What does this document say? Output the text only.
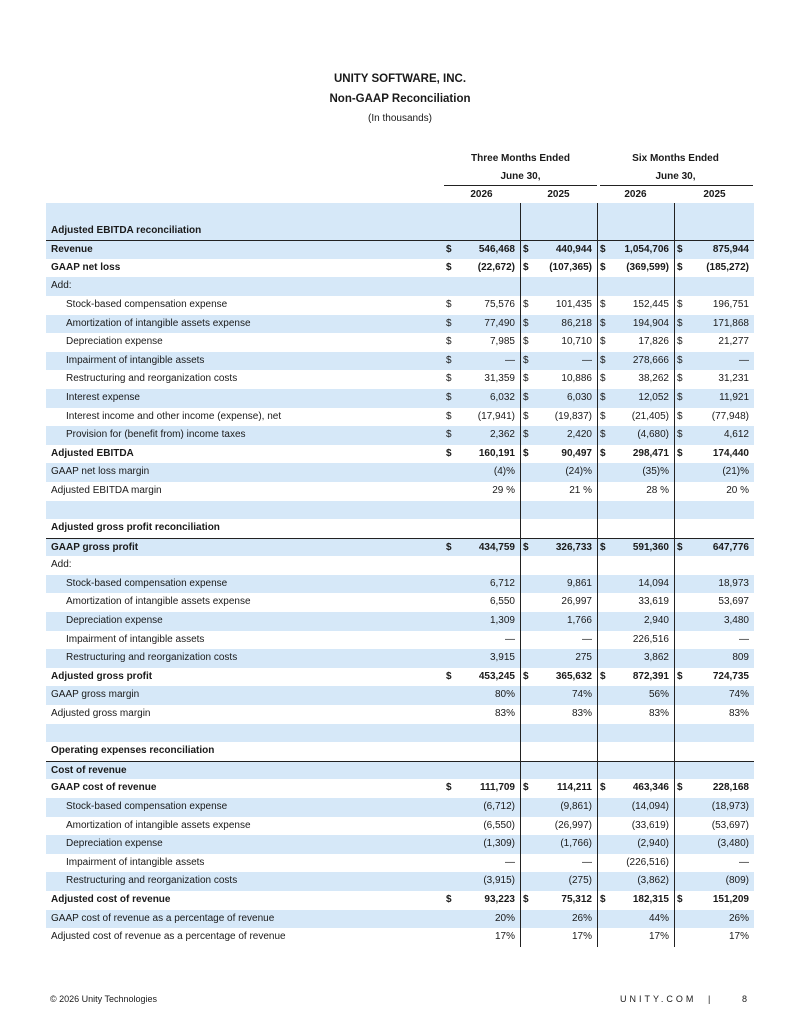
UNITY SOFTWARE, INC.
Non-GAAP Reconciliation
(In thousands)
Three Months Ended
June 30,
Six Months Ended
June 30,
2026	2025	2026	2025
Adjusted EBITDA reconciliation
Revenue	$	546,468 $	440,944 $ 1,054,706 $	875,944
GAAP net loss	$	(22,672) $ (107,365) $ (369,599) $ (185,272)
Add:
Stock-based compensation expense	$	75,576 $	101,435 $	152,445 $	196,751
Amortization of intangible assets expense	$	77,490 $	86,218 $	194,904 $	171,868
Depreciation expense	$	7,985 $	10,710 $	17,826 $	21,277
Impairment of intangible assets	$	— $	— $	278,666 $	—
Restructuring and reorganization costs	$	31,359 $	10,886 $	38,262 $	31,231
Interest expense	$	6,032 $	6,030 $	12,052 $	11,921
Interest income and other income (expense), net	$	(17,941) $	(19,837) $	(21,405) $	(77,948)
Provision for (benefit from) income taxes	$	2,362 $	2,420 $	(4,680) $	4,612
Adjusted EBITDA	$	160,191 $	90,497 $	298,471 $	174,440
GAAP net loss margin	(4)%	(24)%	(35)%	(21)%
Adjusted EBITDA margin	29 %	21 %	28 %	20 %
Adjusted gross profit reconciliation
GAAP gross profit	$	434,759 $	326,733 $	591,360 $	647,776
Add:
Stock-based compensation expense	6,712	9,861	14,094	18,973
Amortization of intangible assets expense	6,550	26,997	33,619	53,697
Depreciation expense	1,309	1,766	2,940	3,480
Impairment of intangible assets	—	—	226,516	—
Restructuring and reorganization costs	3,915	275	3,862	809
Adjusted gross profit	$	453,245 $	365,632 $	872,391 $	724,735
GAAP gross margin	80%	74%	56%	74%
Adjusted gross margin	83%	83%	83%	83%
Operating expenses reconciliation
Cost of revenue
GAAP cost of revenue	$	111,709 $	114,211 $	463,346 $	228,168
Stock-based compensation expense	(6,712)	(9,861)	(14,094)	(18,973)
Amortization of intangible assets expense	(6,550)	(26,997)	(33,619)	(53,697)
Depreciation expense	(1,309)	(1,766)	(2,940)	(3,480)
Impairment of intangible assets	—	—	(226,516)	—
Restructuring and reorganization costs	(3,915)	(275)	(3,862)	(809)
Adjusted cost of revenue	$	93,223 $	75,312 $	182,315 $	151,209
GAAP cost of revenue as a percentage of revenue	20%	26%	44%	26%
Adjusted cost of revenue as a percentage of revenue	17%	17%	17%	17%
© 2026 Unity Technologies	UNITY.COM |	8
